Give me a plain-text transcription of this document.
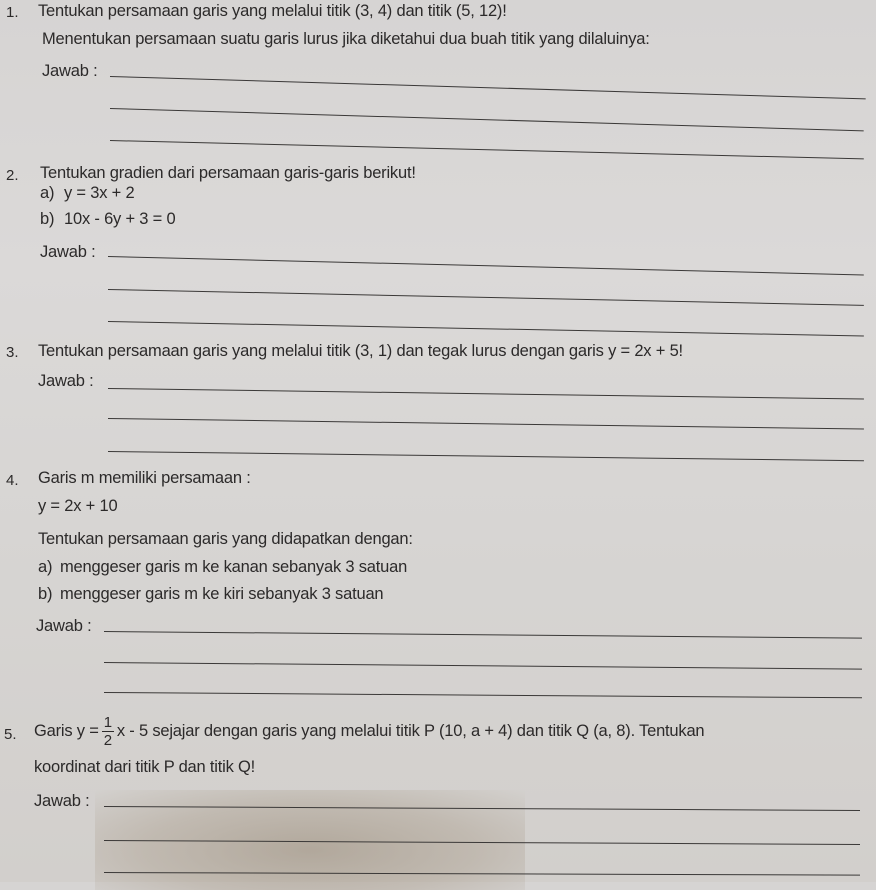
1. Tentukan persamaan garis yang melalui titik (3, 4) dan titik (5, 12)!
Menentukan persamaan suatu garis lurus jika diketahui dua buah titik yang dilaluinya:
Jawab :
2. Tentukan gradien dari persamaan garis-garis berikut!
a) y = 3x + 2
b) 10x - 6y + 3 = 0
Jawab :
3. Tentukan persamaan garis yang melalui titik (3, 1) dan tegak lurus dengan garis y = 2x + 5!
Jawab :
4. Garis m memiliki persamaan :
y = 2x + 10
Tentukan persamaan garis yang didapatkan dengan:
a) menggeser garis m ke kanan sebanyak 3 satuan
b) menggeser garis m ke kiri sebanyak 3 satuan
Jawab :
5. Garis $y = \frac{1}{2}$ x - 5 sejajar dengan garis yang melalui titik P (10, a + 4) dan titik Q (a, 8). Tentukan
koordinat dari titik P dan titik Q!
Jawab :
